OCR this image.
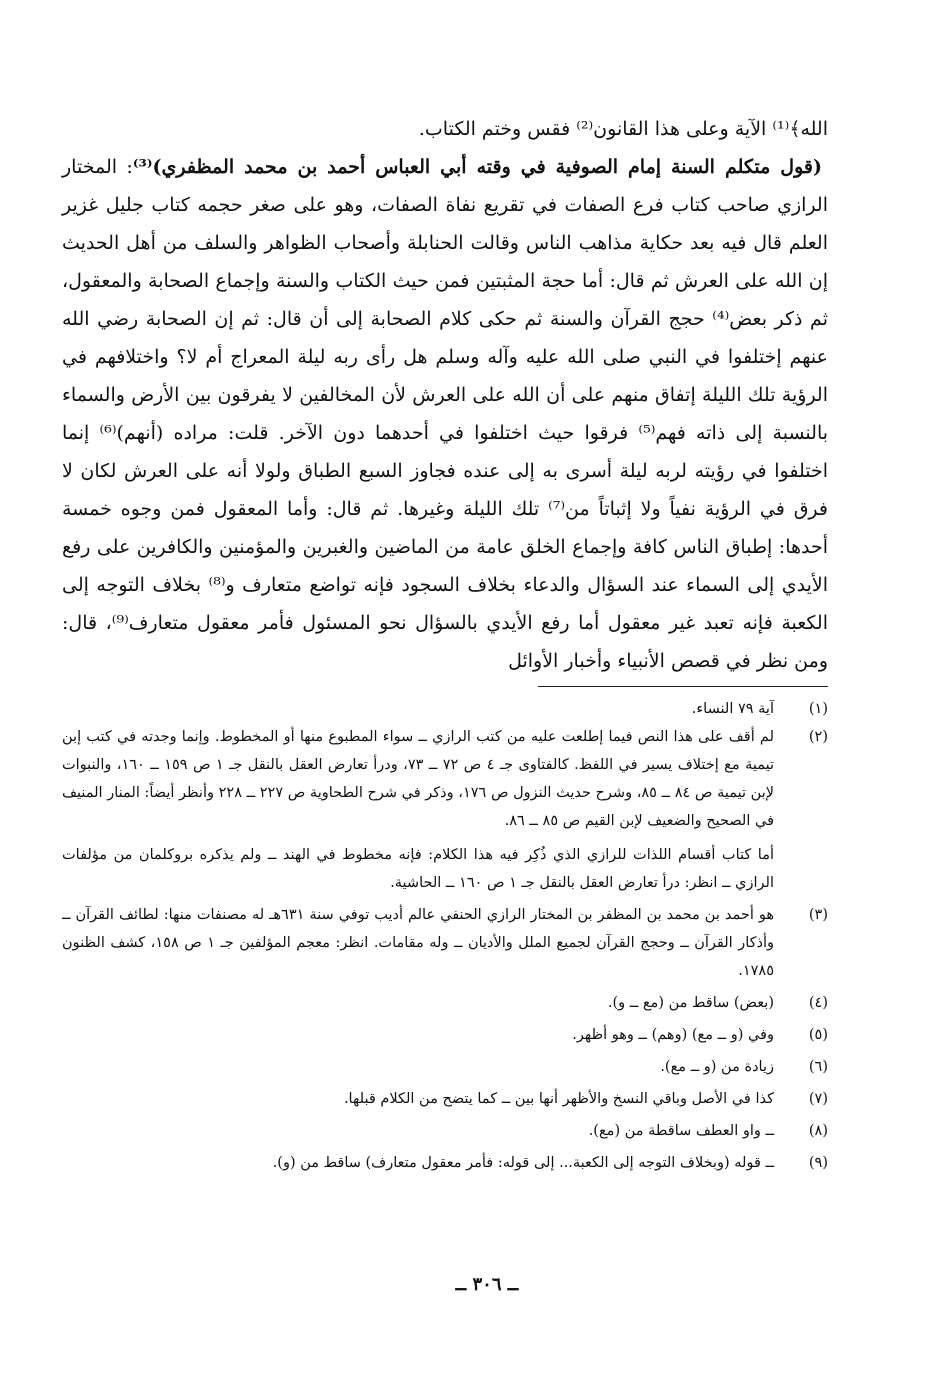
ﺍﻟﻠﻪ﴾⁽¹⁾ الآية وعلى هذا القانون⁽²⁾ فقس وختم الكتاب.

(قول متكلم السنة إمام الصوفية في وقته أبي العباس أحمد بن محمد المظفري)⁽³⁾: المختار الرازي صاحب كتاب فرع الصفات في تقريع نفاة الصفات، وهو على صغر حجمه كتاب جليل غزير العلم قال فيه بعد حكاية مذاهب الناس وقالت الحنابلة وأصحاب الظواهر والسلف من أهل الحديث إن الله على العرش ثم قال: أما حجة المثبتين فمن حيث الكتاب والسنة وإجماع الصحابة والمعقول، ثم ذكر بعض⁽⁴⁾ حجج القرآن والسنة ثم حكى كلام الصحابة إلى أن قال: ثم إن الصحابة رضي الله عنهم إختلفوا في النبي صلى الله عليه وآله وسلم هل رأى ربه ليلة المعراج أم لا؟ واختلافهم في الرؤية تلك الليلة إتفاق منهم على أن الله على العرش لأن المخالفين لا يفرقون بين الأرض والسماء بالنسبة إلى ذاته فهم⁽⁵⁾ فرقوا حيث اختلفوا في أحدهما دون الآخر. قلت: مراده (أنهم)⁽⁶⁾ إنما اختلفوا في رؤيته لربه ليلة أسرى به إلى عنده فجاوز السبع الطباق ولولا أنه على العرش لكان لا فرق في الرؤية نفياً ولا إثباتاً من⁽⁷⁾ تلك الليلة وغيرها. ثم قال: وأما المعقول فمن وجوه خمسة أحدها: إطباق الناس كافة وإجماع الخلق عامة من الماضين والغبرين والمؤمنين والكافرين على رفع الأيدي إلى السماء عند السؤال والدعاء بخلاف السجود فإنه تواضع متعارف و⁽⁸⁾ بخلاف التوجه إلى الكعبة فإنه تعبد غير معقول أما رفع الأيدي بالسؤال نحو المسئول فأمر معقول متعارف⁽⁹⁾، قال: ومن نظر في قصص الأنبياء وأخبار الأوائل

(١)
آية ٧٩ النساء.
(٢)
لم أقف على هذا النص فيما إطلعت عليه من كتب الرازي ــ سواء المطبوع منها أو المخطوط. وإنما وجدته في كتب إبن تيمية مع إختلاف يسير في اللفظ. كالفتاوى جـ ٤ ص ٧٢ ــ ٧٣، ودرأ تعارض العقل بالنقل جـ ١ ص ١٥٩ ــ ١٦٠، والنبوات لإبن تيمية ص ٨٤ ــ ٨٥، وشرح حديث النزول ص ١٧٦، وذكر في شرح الطحاوية ص ٢٢٧ ــ ٢٢٨ وأنظر أيضاً: المنار المنيف في الصحيح والضعيف لإبن القيم ص ٨٥ ــ ٨٦.
أما كتاب أقسام اللذات للرازي الذي ذُكِر فيه هذا الكلام: فإنه مخطوط في الهند ــ ولم يذكره بروكلمان من مؤلفات الرازي ــ انظر: درأ تعارض العقل بالنقل جـ ١ ص ١٦٠ ــ الحاشية.
(٣)
هو أحمد بن محمد بن المظفر بن المختار الرازي الحنفي عالم أديب توفي سنة ٦٣١هـ له مصنفات منها: لطائف القرآن ــ وأذكار القرآن ــ وحجج القرآن لجميع الملل والأديان ــ وله مقامات. انظر: معجم المؤلفين جـ ١ ص ١٥٨، كشف الظنون ١٧٨٥.
(٤)
(بعض) ساقط من (مع ــ و).
(٥)
وفي (و ــ مع) (وهم) ــ وهو أظهر.
(٦)
زيادة من (و ــ مع).
(٧)
كذا في الأصل وباقي النسخ والأظهر أنها بين ــ كما يتضح من الكلام قبلها.
(٨)
ــ واو العطف ساقطة من (مع).
(٩)
ــ قوله (وبخلاف التوجه إلى الكعبة... إلى قوله: فأمر معقول متعارف) ساقط من (و).
ــ ٣٠٦ ــ
